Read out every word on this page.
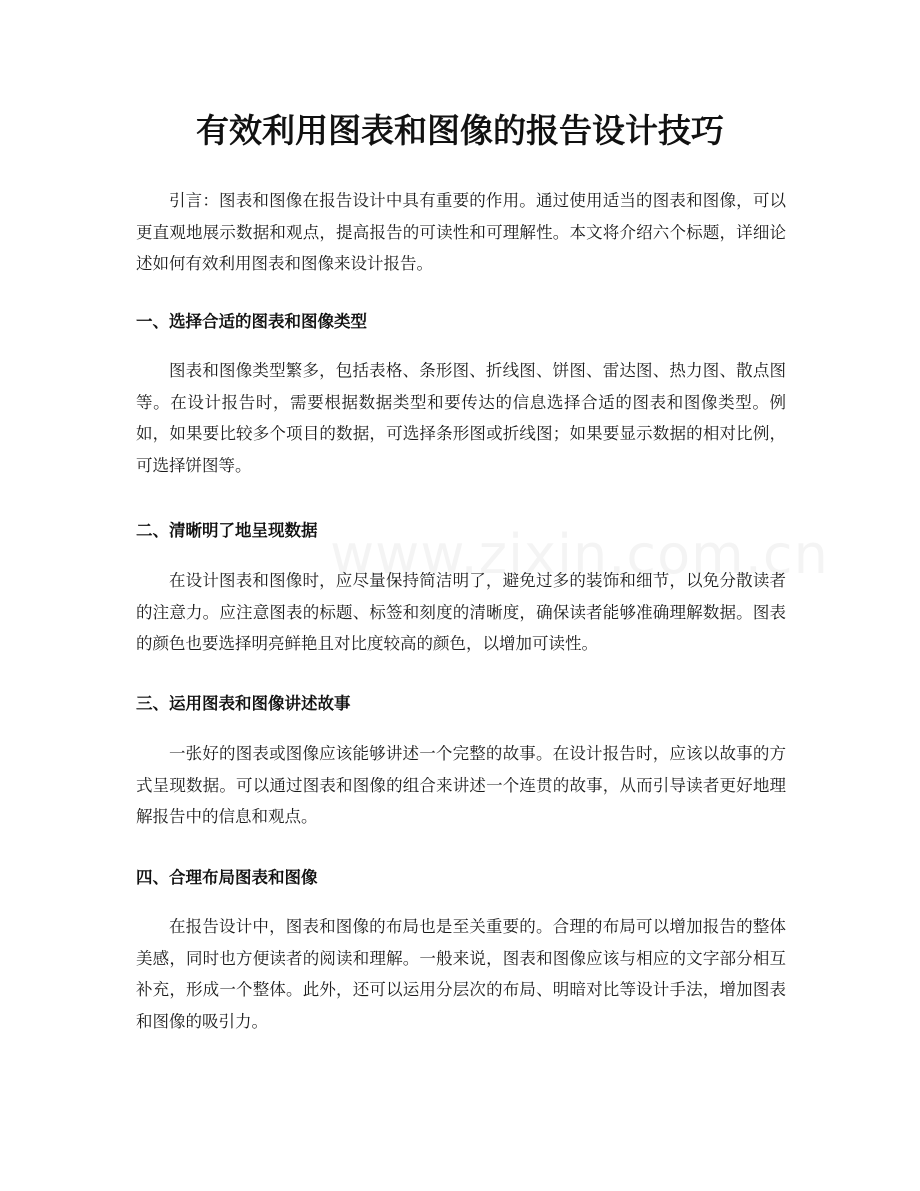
有效利用图表和图像的报告设计技巧

引言：图表和图像在报告设计中具有重要的作用。通过使用适当的图表和图像，可以更直观地展示数据和观点，提高报告的可读性和可理解性。本文将介绍六个标题，详细论述如何有效利用图表和图像来设计报告。

一、选择合适的图表和图像类型

图表和图像类型繁多，包括表格、条形图、折线图、饼图、雷达图、热力图、散点图等。在设计报告时，需要根据数据类型和要传达的信息选择合适的图表和图像类型。例如，如果要比较多个项目的数据，可选择条形图或折线图；如果要显示数据的相对比例，可选择饼图等。

二、清晰明了地呈现数据

在设计图表和图像时，应尽量保持简洁明了，避免过多的装饰和细节，以免分散读者的注意力。应注意图表的标题、标签和刻度的清晰度，确保读者能够准确理解数据。图表的颜色也要选择明亮鲜艳且对比度较高的颜色，以增加可读性。

三、运用图表和图像讲述故事

一张好的图表或图像应该能够讲述一个完整的故事。在设计报告时，应该以故事的方式呈现数据。可以通过图表和图像的组合来讲述一个连贯的故事，从而引导读者更好地理解报告中的信息和观点。

四、合理布局图表和图像

在报告设计中，图表和图像的布局也是至关重要的。合理的布局可以增加报告的整体美感，同时也方便读者的阅读和理解。一般来说，图表和图像应该与相应的文字部分相互补充，形成一个整体。此外，还可以运用分层次的布局、明暗对比等设计手法，增加图表和图像的吸引力。
